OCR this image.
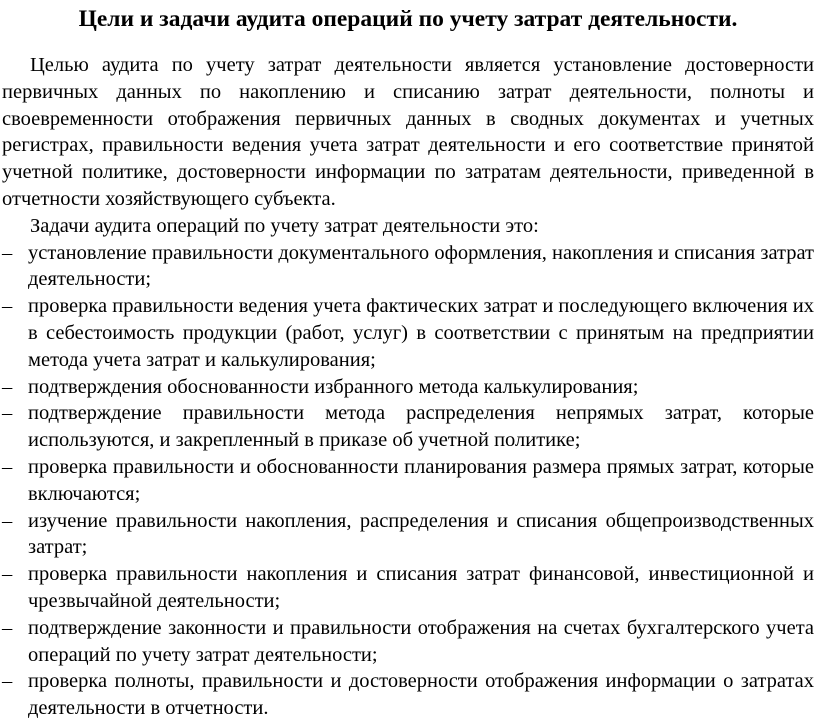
Цели и задачи аудита операций по учету затрат деятельности.

Целью аудита по учету затрат деятельности является установление достоверности первичных данных по накоплению и списанию затрат деятельности, полноты и своевременности отображения первичных данных в сводных документах и учетных регистрах, правильности ведения учета затрат деятельности и его соответствие принятой учетной политике, достоверности информации по затратам деятельности, приведенной в отчетности хозяйствующего субъекта.

Задачи аудита операций по учету затрат деятельности это:

– установление правильности документального оформления, накопления и списания затрат деятельности;
– проверка правильности ведения учета фактических затрат и последующего включения их в себестоимость продукции (работ, услуг) в соответствии с принятым на предприятии метода учета затрат и калькулирования;
– подтверждения обоснованности избранного метода калькулирования;
– подтверждение правильности метода распределения непрямых затрат, которые используются, и закрепленный в приказе об учетной политике;
– проверка правильности и обоснованности планирования размера прямых затрат, которые включаются;
– изучение правильности накопления, распределения и списания общепроизводственных затрат;
– проверка правильности накопления и списания затрат финансовой, инвестиционной и чрезвычайной деятельности;
– подтверждение законности и правильности отображения на счетах бухгалтерского учета операций по учету затрат деятельности;
– проверка полноты, правильности и достоверности отображения информации о затратах деятельности в отчетности.
